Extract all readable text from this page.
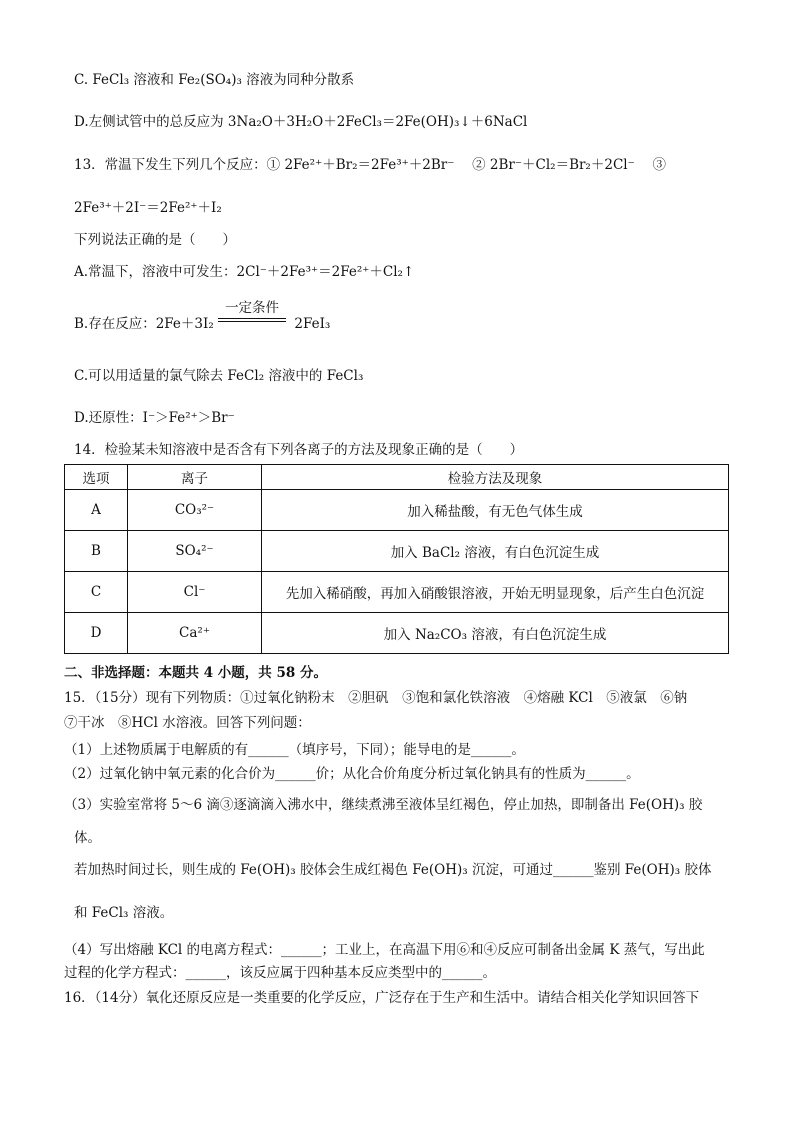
C. FeCl₃ 溶液和 Fe₂(SO₄)₃ 溶液为同种分散系
D.左侧试管中的总反应为 3Na₂O＋3H₂O＋2FeCl₃＝2Fe(OH)₃↓＋6NaCl
13．常温下发生下列几个反应：① 2Fe²⁺＋Br₂＝2Fe³⁺＋2Br⁻　 ② 2Br⁻＋Cl₂＝Br₂＋2Cl⁻　 ③
2Fe³⁺＋2I⁻＝2Fe²⁺＋I₂
下列说法正确的是（　　）
A.常温下，溶液中可发生：2Cl⁻＋2Fe³⁺＝2Fe²⁺＋Cl₂↑
B.存在反应：2Fe＋3I₂
一定条件
2FeI₃
C.可以用适量的氯气除去 FeCl₂ 溶液中的 FeCl₃
D.还原性：I⁻＞Fe²⁺＞Br⁻
14．检验某未知溶液中是否含有下列各离子的方法及现象正确的是（　　）
选项	离子	检验方法及现象
A	CO₃²⁻	加入稀盐酸，有无色气体生成
B	SO₄²⁻	加入 BaCl₂ 溶液，有白色沉淀生成
C	Cl⁻	先加入稀硝酸，再加入硝酸银溶液，开始无明显现象，后产生白色沉淀
D	Ca²⁺	加入 Na₂CO₃ 溶液，有白色沉淀生成
二、非选择题：本题共 4 小题，共 58 分。
15．（15分）现有下列物质：①过氧化钠粉末　②胆矾　③饱和氯化铁溶液　④熔融 KCl　⑤液氯　⑥钠
⑦干冰　⑧HCl 水溶液。回答下列问题：
（1）上述物质属于电解质的有______（填序号，下同）；能导电的是______。
（2）过氧化钠中氧元素的化合价为______价；从化合价角度分析过氧化钠具有的性质为______。
（3）实验室常将 5～6 滴③逐滴滴入沸水中，继续煮沸至液体呈红褐色，停止加热，即制备出 Fe(OH)₃ 胶
体。
若加热时间过长，则生成的 Fe(OH)₃ 胶体会生成红褐色 Fe(OH)₃ 沉淀，可通过______鉴别 Fe(OH)₃ 胶体
和 FeCl₃ 溶液。
（4）写出熔融 KCl 的电离方程式：______；工业上，在高温下用⑥和④反应可制备出金属 K 蒸气，写出此
过程的化学方程式：______，该反应属于四种基本反应类型中的______。
16．（14分）氧化还原反应是一类重要的化学反应，广泛存在于生产和生活中。请结合相关化学知识回答下
